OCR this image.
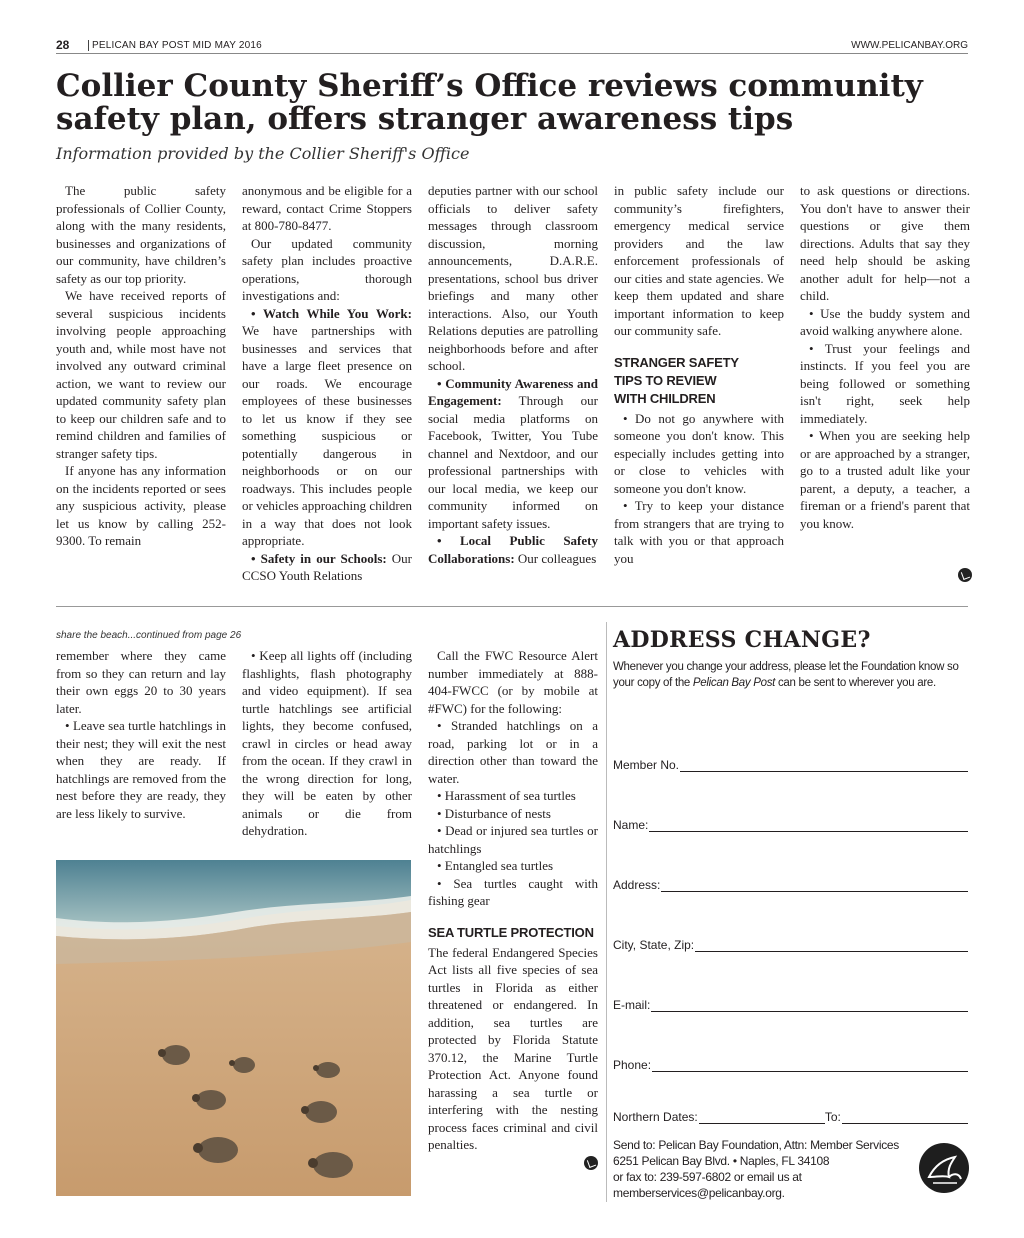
28	PELICAN BAY POST MID MAY 2016	WWW.PELICANBAY.ORG
Collier County Sheriff’s Office reviews community
safety plan, offers stranger awareness tips
Information provided by the Collier Sheriff's Office

The public safety professionals of Collier County, along with the many residents, businesses and organizations of our community, have children’s safety as our top priority.

We have received reports of several suspicious incidents involving people approaching youth and, while most have not involved any outward criminal action, we want to review our updated community safety plan to keep our children safe and to remind children and families of stranger safety tips.

If anyone has any information on the incidents reported or sees any suspicious activity, please let us know by calling 252-9300. To remain

anonymous and be eligible for a reward, contact Crime Stoppers at 800-780-8477.

Our updated community safety plan includes proactive operations, thorough investigations and:

• Watch While You Work: We have partnerships with businesses and services that have a large fleet presence on our roads. We encourage employees of these businesses to let us know if they see something suspicious or potentially dangerous in neighborhoods or on our roadways. This includes people or vehicles approaching children in a way that does not look appropriate.

• Safety in our Schools: Our CCSO Youth Relations

deputies partner with our school officials to deliver safety messages through classroom discussion, morning announcements, D.A.R.E. presentations, school bus driver briefings and many other interactions. Also, our Youth Relations deputies are patrolling neighborhoods before and after school.

• Community Awareness and Engagement: Through our social media platforms on Facebook, Twitter, You Tube channel and Nextdoor, and our professional partnerships with our local media, we keep our community informed on important safety issues.

• Local Public Safety Collaborations: Our colleagues

in public safety include our community’s firefighters, emergency medical service providers and the law enforcement professionals of our cities and state agencies. We keep them updated and share important information to keep our community safe.

STRANGER SAFETY
TIPS TO REVIEW
WITH CHILDREN

• Do not go anywhere with someone you don't know. This especially includes getting into or close to vehicles with someone you don't know.

• Try to keep your distance from strangers that are trying to talk with you or that approach you

to ask questions or directions. You don't have to answer their questions or give them directions. Adults that say they need help should be asking another adult for help—not a child.

• Use the buddy system and avoid walking anywhere alone.

• Trust your feelings and instincts. If you feel you are being followed or something isn't right, seek help immediately.

• When you are seeking help or are approached by a stranger, go to a trusted adult like your parent, a deputy, a teacher, a fireman or a friend's parent that you know.

share the beach...continued from page 26

remember where they came from so they can return and lay their own eggs 20 to 30 years later.

• Leave sea turtle hatchlings in their nest; they will exit the nest when they are ready. If hatchlings are removed from the nest before they are ready, they are less likely to survive.

• Keep all lights off (including flashlights, flash photography and video equipment). If sea turtle hatchlings see artificial lights, they become confused, crawl in circles or head away from the ocean. If they crawl in the wrong direction for long, they will be eaten by other animals or die from dehydration.

Call the FWC Resource Alert number immediately at 888-404-FWCC (or by mobile at #FWC) for the following:

• Stranded hatchlings on a road, parking lot or in a direction other than toward the water.

• Harassment of sea turtles

• Disturbance of nests

• Dead or injured sea turtles or hatchlings

• Entangled sea turtles

• Sea turtles caught with fishing gear

SEA TURTLE PROTECTION

The federal Endangered Species Act lists all five species of sea turtles in Florida as either threatened or endangered. In addition, sea turtles are protected by Florida Statute 370.12, the Marine Turtle Protection Act. Anyone found harassing a sea turtle or interfering with the nesting process faces criminal and civil penalties.

ADDRESS CHANGE?
Whenever you change your address, please let the Foundation know so your copy of the Pelican Bay Post can be sent to wherever you are.
Member No.
Name:
Address:
City, State, Zip:
E-mail:
Phone:
Northern Dates:	To:
Send to: Pelican Bay Foundation, Attn: Member Services
6251 Pelican Bay Blvd. • Naples, FL 34108
or fax to: 239-597-6802 or email us at
memberservices@pelicanbay.org.
